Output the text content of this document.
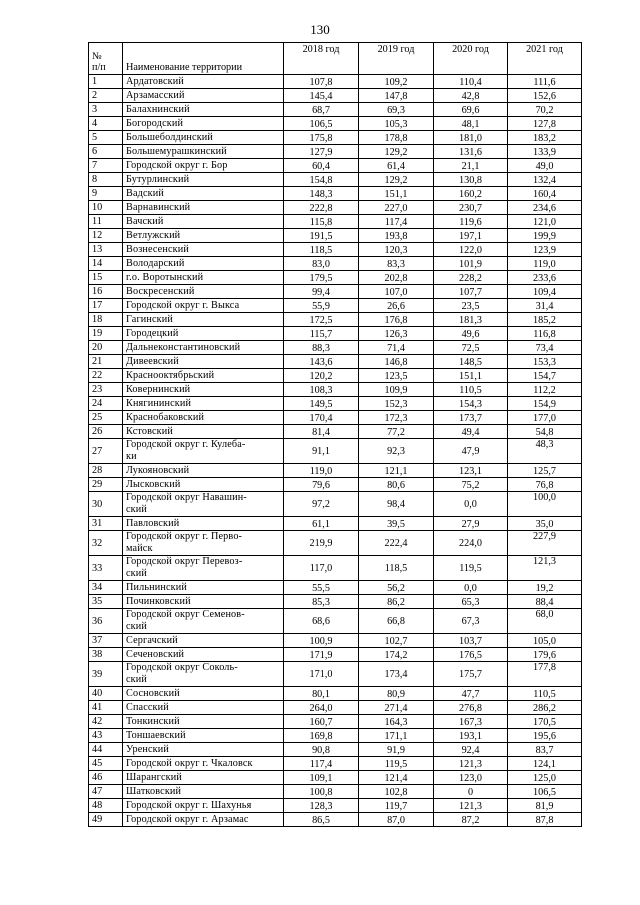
130
№
п/п	Наименование территории	2018 год	2019 год	2020 год	2021 год
1	Ардатовский	107,8	109,2	110,4	111,6
2	Арзамасский	145,4	147,8	42,8	152,6
3	Балахнинский	68,7	69,3	69,6	70,2
4	Богородский	106,5	105,3	48,1	127,8
5	Большеболдинский	175,8	178,8	181,0	183,2
6	Большемурашкинский	127,9	129,2	131,6	133,9
7	Городской округ г. Бор	60,4	61,4	21,1	49,0
8	Бутурлинский	154,8	129,2	130,8	132,4
9	Вадский	148,3	151,1	160,2	160,4
10	Варнавинский	222,8	227,0	230,7	234,6
11	Вачский	115,8	117,4	119,6	121,0
12	Ветлужский	191,5	193,8	197,1	199,9
13	Вознесенский	118,5	120,3	122,0	123,9
14	Володарский	83,0	83,3	101,9	119,0
15	г.о. Воротынский	179,5	202,8	228,2	233,6
16	Воскресенский	99,4	107,0	107,7	109,4
17	Городской округ г. Выкса	55,9	26,6	23,5	31,4
18	Гагинский	172,5	176,8	181,3	185,2
19	Городецкий	115,7	126,3	49,6	116,8
20	Дальнеконстантиновский	88,3	71,4	72,5	73,4
21	Дивеевский	143,6	146,8	148,5	153,3
22	Краснооктябрьский	120,2	123,5	151,1	154,7
23	Ковернинский	108,3	109,9	110,5	112,2
24	Княгининский	149,5	152,3	154,3	154,9
25	Краснобаковский	170,4	172,3	173,7	177,0
26	Кстовский	81,4	77,2	49,4	54,8
27	Городской округ г. Кулеба-
ки	91,1	92,3	47,9	48,3
28	Лукояновский	119,0	121,1	123,1	125,7
29	Лысковский	79,6	80,6	75,2	76,8
30	Городской округ Навашин-
ский	97,2	98,4	0,0	100,0
31	Павловский	61,1	39,5	27,9	35,0
32	Городской округ г. Перво-
майск	219,9	222,4	224,0	227,9
33	Городской округ Перевоз-
ский	117,0	118,5	119,5	121,3
34	Пильнинский	55,5	56,2	0,0	19,2
35	Починковский	85,3	86,2	65,3	88,4
36	Городской округ Семенов-
ский	68,6	66,8	67,3	68,0
37	Сергачский	100,9	102,7	103,7	105,0
38	Сеченовский	171,9	174,2	176,5	179,6
39	Городской округ Соколь-
ский	171,0	173,4	175,7	177,8
40	Сосновский	80,1	80,9	47,7	110,5
41	Спасский	264,0	271,4	276,8	286,2
42	Тонкинский	160,7	164,3	167,3	170,5
43	Тоншаевский	169,8	171,1	193,1	195,6
44	Уренский	90,8	91,9	92,4	83,7
45	Городской округ г. Чкаловск	117,4	119,5	121,3	124,1
46	Шарангский	109,1	121,4	123,0	125,0
47	Шатковский	100,8	102,8	0	106,5
48	Городской округ г. Шахунья	128,3	119,7	121,3	81,9
49	Городской округ г. Арзамас	86,5	87,0	87,2	87,8
